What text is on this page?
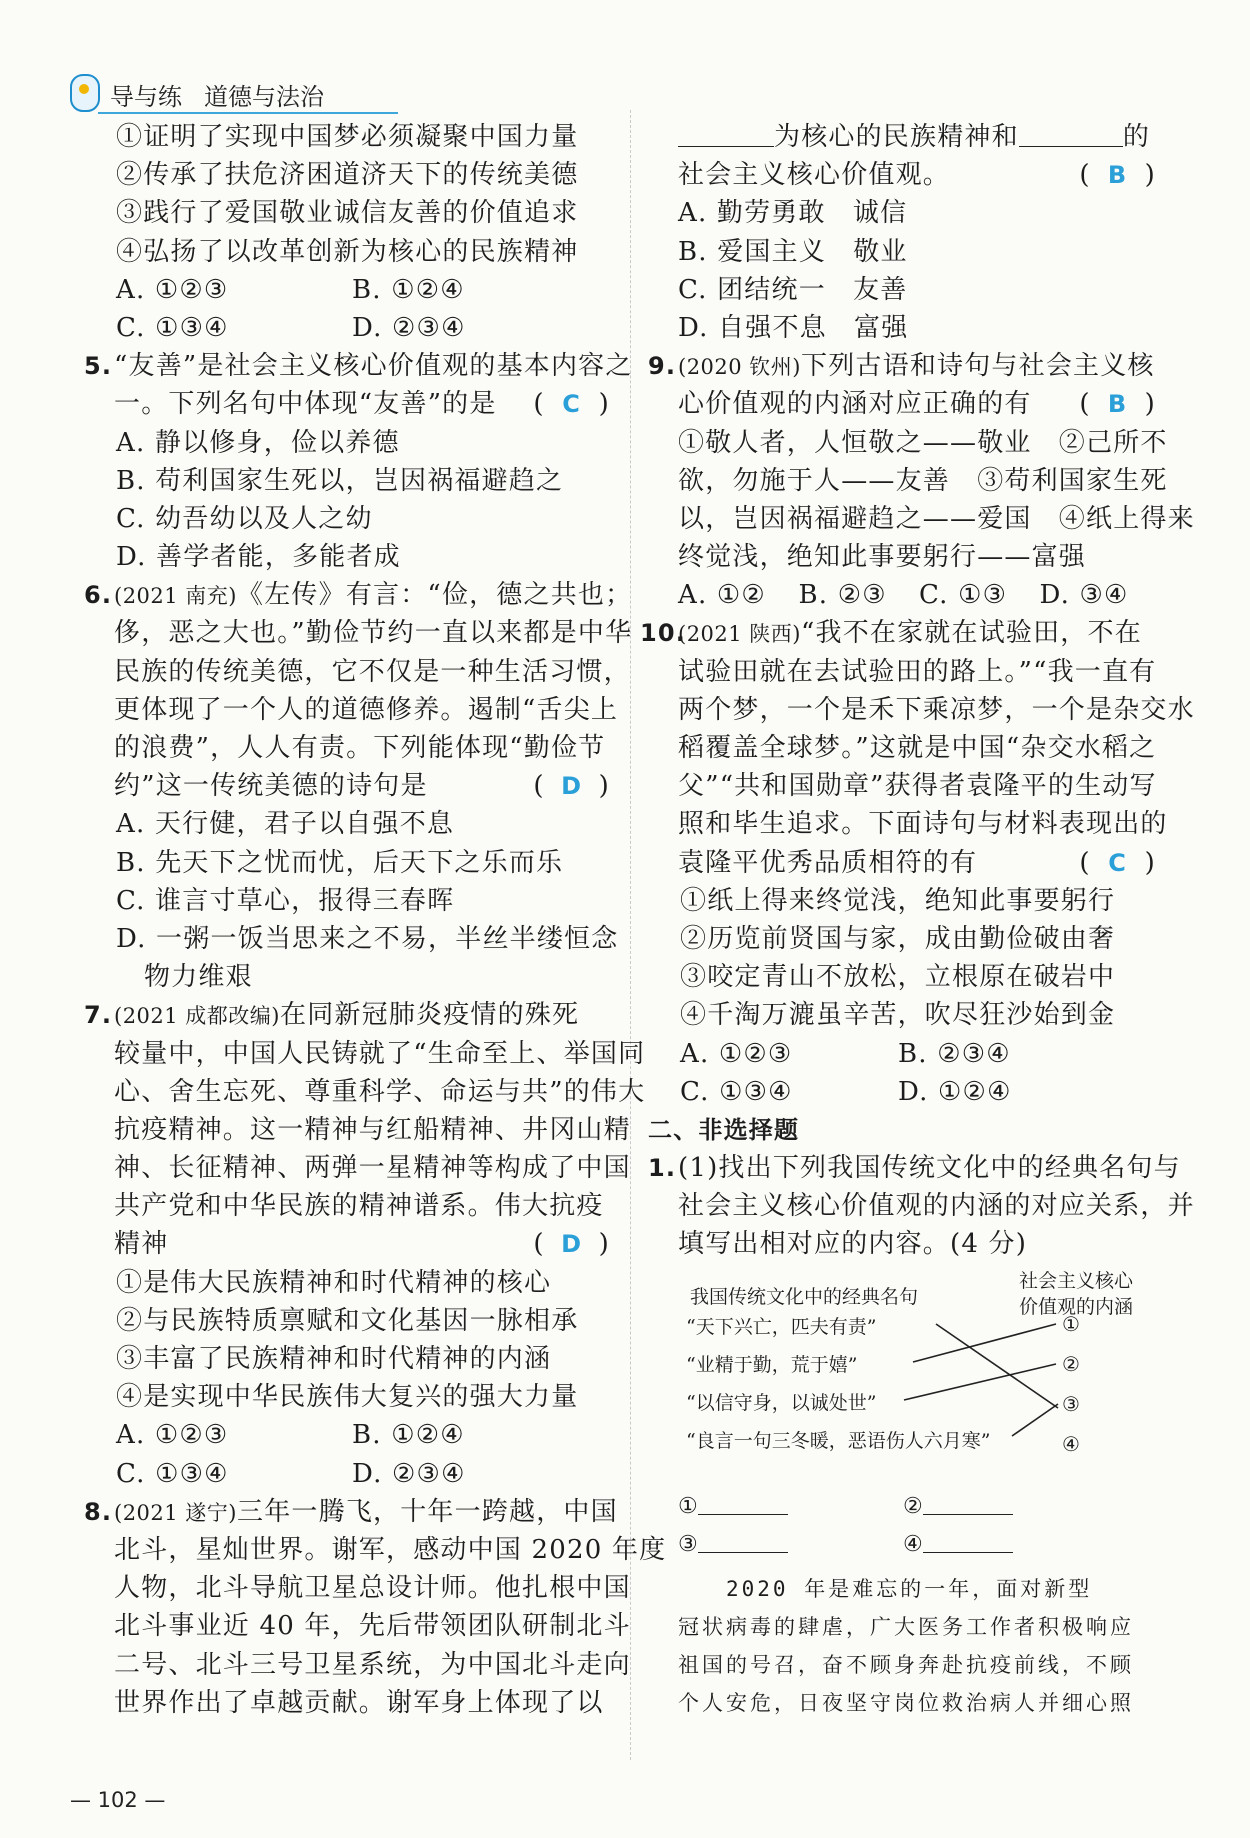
导与练 道德与法治
①证明了实现中国梦必须凝聚中国力量
②传承了扶危济困道济天下的传统美德
③践行了爱国敬业诚信友善的价值追求
④弘扬了以改革创新为核心的民族精神
A. ①②③	B. ①②④
C. ①③④	D. ②③④
5. “友善”是社会主义核心价值观的基本内容之
一。下列名句中体现“友善”的是 ( C )
A. 静以修身，俭以养德
B. 苟利国家生死以，岂因祸福避趋之
C. 幼吾幼以及人之幼
D. 善学者能，多能者成
6. (2021 南充)《左传》有言：“俭，德之共也；
侈，恶之大也。”勤俭节约一直以来都是中华
民族的传统美德，它不仅是一种生活习惯，
更体现了一个人的道德修养。遏制“舌尖上
的浪费”，人人有责。下列能体现“勤俭节
约”这一传统美德的诗句是	( D )
A. 天行健，君子以自强不息
B. 先天下之忧而忧，后天下之乐而乐
C. 谁言寸草心，报得三春晖
D. 一粥一饭当思来之不易，半丝半缕恒念
物力维艰
7. (2021 成都改编)在同新冠肺炎疫情的殊死
较量中，中国人民铸就了“生命至上、举国同
心、舍生忘死、尊重科学、命运与共”的伟大
抗疫精神。这一精神与红船精神、井冈山精
神、长征精神、两弹一星精神等构成了中国
共产党和中华民族的精神谱系。伟大抗疫
精神	( D )
①是伟大民族精神和时代精神的核心
②与民族特质禀赋和文化基因一脉相承
③丰富了民族精神和时代精神的内涵
④是实现中华民族伟大复兴的强大力量
A. ①②③	B. ①②④
C. ①③④	D. ②③④
8. (2021 遂宁)三年一腾飞，十年一跨越，中国
北斗，星灿世界。谢军，感动中国 2020 年度
人物，北斗导航卫星总设计师。他扎根中国
北斗事业近 40 年，先后带领团队研制北斗
二号、北斗三号卫星系统，为中国北斗走向
世界作出了卓越贡献。谢军身上体现了以
为核心的民族精神和	的
社会主义核心价值观。	( B )
A. 勤劳勇敢　诚信
B. 爱国主义　敬业
C. 团结统一　友善
D. 自强不息　富强
9. (2020 钦州)下列古语和诗句与社会主义核
心价值观的内涵对应正确的有 ( B )
①敬人者，人恒敬之——敬业　②己所不
欲，勿施于人——友善　③苟利国家生死
以，岂因祸福避趋之——爱国　④纸上得来
终觉浅，绝知此事要躬行——富强
A. ①②	B. ②③	C. ①③	D. ③④
10.
(2021 陕西)“我不在家就在试验田，不在
试验田就在去试验田的路上。”“我一直有
两个梦，一个是禾下乘凉梦，一个是杂交水
稻覆盖全球梦。”这就是中国“杂交水稻之
父”“共和国勋章”获得者袁隆平的生动写
照和毕生追求。下面诗句与材料表现出的
袁隆平优秀品质相符的有	( C )
①纸上得来终觉浅，绝知此事要躬行
②历览前贤国与家，成由勤俭破由奢
③咬定青山不放松，立根原在破岩中
④千淘万漉虽辛苦，吹尽狂沙始到金
A. ①②③	B. ②③④
C. ①③④	D. ①②④
二、非选择题
1. (1)找出下列我国传统文化中的经典名句与
社会主义核心价值观的内涵的对应关系，并
填写出相对应的内容。(4 分)
我国传统文化中的经典名句
社会主义核心
价值观的内涵
“天下兴亡，匹夫有责”
“业精于勤，荒于嬉”
“以信守身，以诚处世”
“良言一句三冬暖，恶语伤人六月寒”
①
②
③
④
①	②
③	④
　　2020 年是难忘的一年，面对新型
冠状病毒的肆虐，广大医务工作者积极响应
祖国的号召，奋不顾身奔赴抗疫前线，不顾
个人安危，日夜坚守岗位救治病人并细心照
— 102 —
